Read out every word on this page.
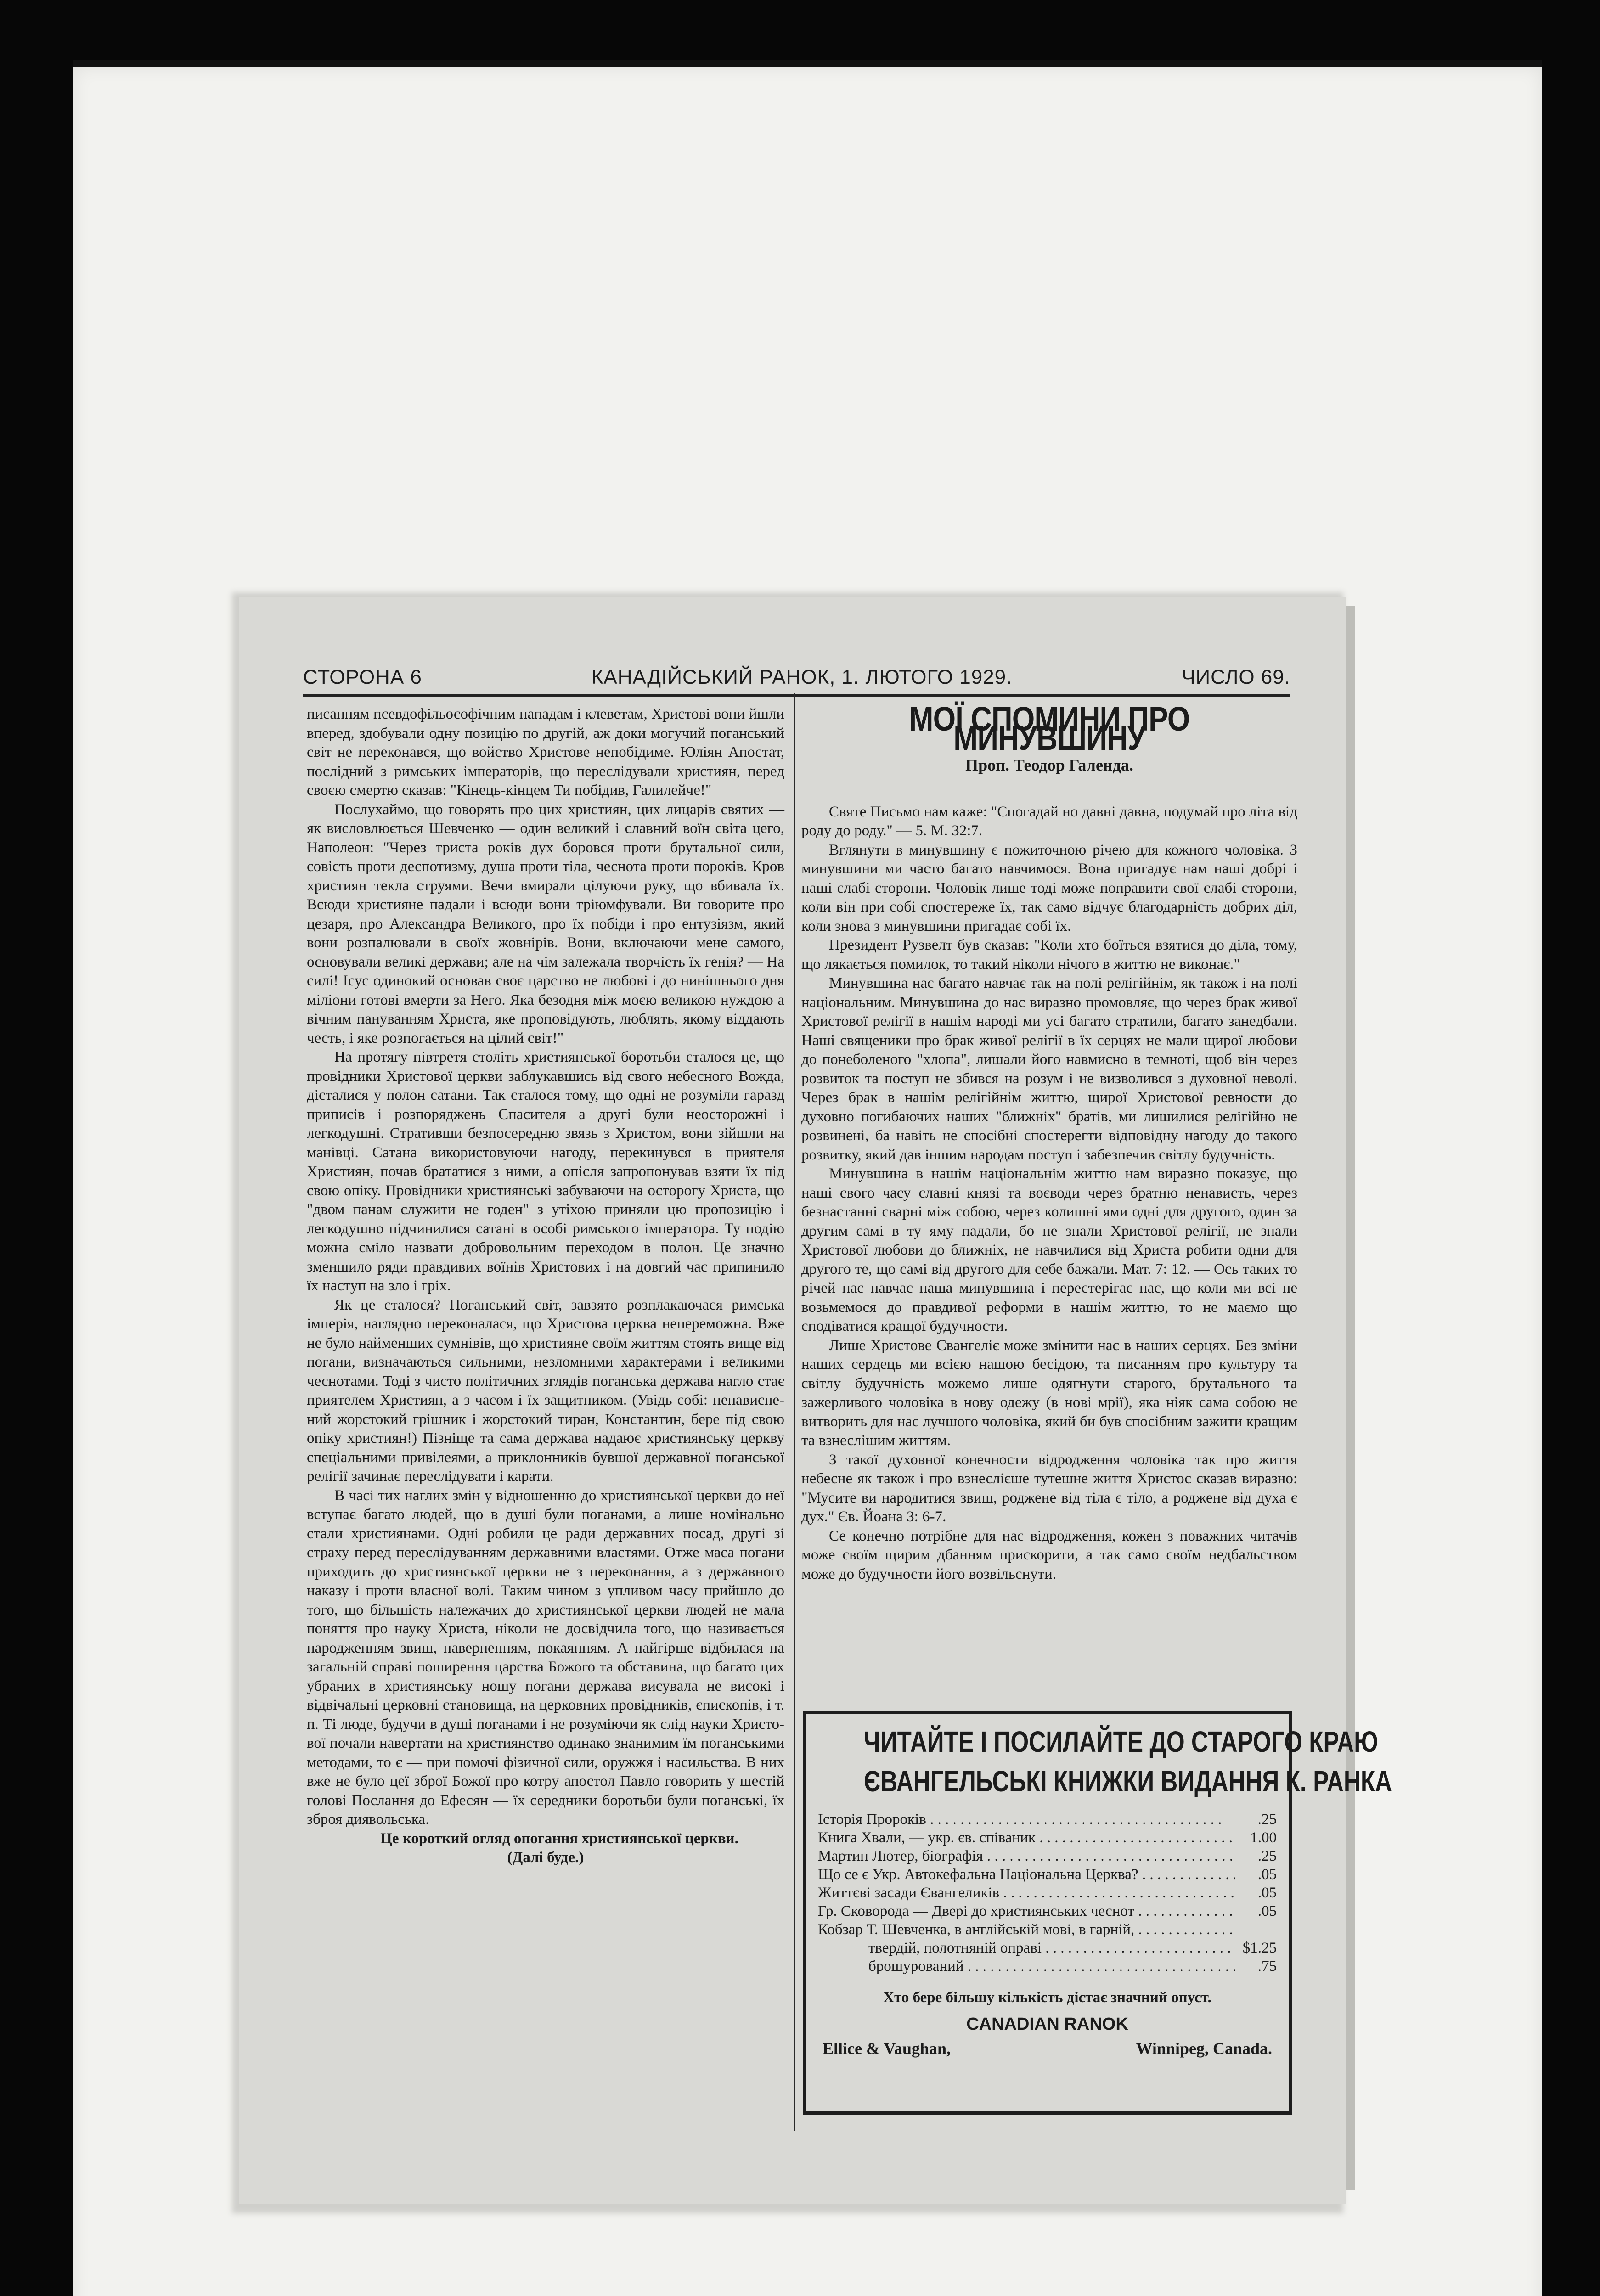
СТОРОНА 6	КАНАДІЙСЬКИЙ РАНОК, 1. ЛЮТОГО 1929.	ЧИСЛО 69.

писанням псевдофільософічним нападам і клеветам, Христові вони йшли вперед, здобували одну позицію по другій, аж доки могучий поганський світ не переконався, що войство Христове непобідиме. Юліян Апостат, послідний з римських імператорів, що переслідували християн, перед своєю смертю сказав: "Кінець-кінцем Ти побідив, Галилейче!"

Послухаймо, що говорять про цих християн, цих лицарів святих — як висловлюється Шевченко — один великий і славний воїн світа цего, Наполеон: "Через триста років дух боровся проти брутальної сили, совість проти деспотизму, душа проти тіла, чеснота проти пороків. Кров християн текла струями. Вечи вмирали цілуючи руку, що вбивала їх. Всюди християне падали і всюди вони тріюмфували. Ви говорите про цезаря, про Александра Великого, про їх побіди і про ентузіязм, який вони розпалювали в своїх жовнірів. Вони, включаючи мене самого, основували великі держави; але на чім залежала творчість їх генія? — На силі! Ісус одинокий основав своє царство не любові і до нинішнього дня міліони готові вмерти за Него. Яка безодня між моєю великою нуждою а вічним пануванням Христа, яке проповідують, люблять, якому віддають честь, і яке розпогається на цілий світ!"

На протягу півтретя століть християнської боротьби сталося це, що провідники Христової церкви заблукавшись від свого небесного Вожда, дісталися у полон сатани. Так сталося тому, що одні не розуміли гаразд приписів і розпоряджень Спасителя а другі були неосторожні і легкодушні. Стративши безпосередню звязь з Христом, вони зійшли на манівці. Сатана використовуючи нагоду, перекинувся в приятеля Християн, почав брататися з ними, а опісля запропонував взяти їх під свою опіку. Провідники християнські забуваючи на осторогу Христа, що "двом панам служити не годен" з утіхою приняли цю пропозицію і легкодушно підчинилися сатані в особі римського імператора. Ту подію можна сміло назвати добровольним переходом в полон. Це значно зменшило ряди правдивих воїнів Христових і на довгий час припинило їх наступ на зло і гріх.

Як це сталося? Поганський світ, завзято розплакаючася римська імперія, наглядно переконалася, що Христова церква непереможна. Вже не було найменших сумнівів, що християне своїм життям стоять вище від погани, визначаються сильними, незломними характерами і великими чеснотами. Тоді з чисто політичних зглядів поганська держава нагло стає приятелем Християн, а з часом і їх защитником. (Увідь собі: ненависнений жорстокий грішник і жорстокий тиран, Константин, бере під свою опіку християн!) Пізніще та сама держава надаює християнську церкву спеціальними привілеями, а приклонників бувшої державної поганської релігії зачинає переслідувати і карати.

В часі тих наглих змін у відношенню до християнської церкви до неї вступає багато людей, що в душі були поганами, а лише номінально стали християнами. Одні робили це ради державних посад, другі зі страху перед переслідуванням державними властями. Отже маса погани приходить до християнської церкви не з переконання, а з державного наказу і проти власної волі. Таким чином з упливом часу прийшло до того, що більшість належачих до християнської церкви людей не мала поняття про науку Христа, ніколи не досвідчила того, що називається народженням звиш, наверненням, покаянням. А найгірше відбилася на загальній справі поширення царства Божого та обставина, що багато цих убраних в християнську ношу погани держава висувала не високі і відвічальні церковні становища, на церковних провідників, єпископів, і т. п. Ті люде, будучи в душі поганами і не розуміючи як слід науки Христової почали навертати на християнство одинако знанимим їм поганськими методами, то є — при помочі фізичної сили, оружжя і насильства. В них вже не було цеї зброї Божої про котру апостол Павло говорить у шестій голові Послання до Ефесян — їх середники боротьби були поганські, їх зброя диявольська.

Це короткий огляд опогання християнської церкви.

(Далі буде.)

МОЇ СПОМИНИ ПРО МИНУВШИНУ
Проп. Теодор Галенда.

Святе Письмо нам каже: "Спогадай но давні давна, подумай про літа від роду до роду." — 5. М. 32:7.

Вглянути в минувшину є пожиточною річею для кожного чоловіка. З минувшини ми часто багато навчимося. Вона пригадує нам наші добрі і наші слабі сторони. Чоловік лише тоді може поправити свої слабі сторони, коли він при собі спостереже їх, так само відчує благодарність добрих діл, коли знова з минувшини пригадає собі їх.

Президент Рузвелт був сказав: "Коли хто боїться взятися до діла, тому, що лякається помилок, то такий ніколи нічого в життю не виконає."

Минувшина нас багато навчає так на полі релігійнім, як також і на полі національним. Минувшина до нас виразно промовляє, що через брак живої Христової релігії в нашім народі ми усі багато стратили, багато занедбали. Наші священики про брак живої релігії в їх серцях не мали щирої любови до понеболеного "хлопа", лишали його навмисно в темноті, щоб він через розвиток та поступ не збився на розум і не визволився з духовної неволі. Через брак в нашім релігійнім життю, щирої Христової ревности до духовно погибаючих наших "ближніх" братів, ми лишилися релігійно не розвинені, ба навіть не спосібні спостерегти відповідну нагоду до такого розвитку, який дав іншим народам поступ і забезпечив світлу будучність.

Минувшина в нашім національнім життю нам виразно показує, що наші свого часу славні князі та воєводи через братню ненависть, через безнастанні сварні між собою, через колишні ями одні для другого, один за другим самі в ту яму падали, бо не знали Христової релігії, не знали Христової любови до ближніх, не навчилися від Христа робити одни для другого те, що самі від другого для себе бажали. Мат. 7: 12. — Ось таких то річей нас навчає наша минувшина і перестерігає нас, що коли ми всі не возьмемося до правдивої реформи в нашім життю, то не маємо що сподіватися кращої будучности.

Лише Христове Євангеліє може змінити нас в наших серцях. Без зміни наших сердець ми всією нашою бесідою, та писанням про культуру та світлу будучність можемо лише одягнути старого, брутального та зажерливого чоловіка в нову одежу (в нові мрії), яка ніяк сама собою не витворить для нас лучшого чоловіка, який би був спосібним зажити кращим та взнеслішим життям.

З такої духовної конечности відродження чоловіка так про життя небесне як також і про взнеслієше тутешне життя Христос сказав виразно: "Мусите ви народитися звиш, роджене від тіла є тіло, а роджене від духа є дух." Єв. Йоана 3: 6-7.

Се конечно потрібне для нас відродження, кожен з поважних читачів може своїм щирим дбанням прискорити, а так само своїм недбальством може до будучности його возвільснути.

ЧИТАЙТЕ І ПОСИЛАЙТЕ ДО СТАРОГО КРАЮ
ЄВАНГЕЛЬСЬКІ КНИЖКИ ВИДАННЯ К. РАНКА
Історія Пророків . . .	.25
Книга Хвали, — укр. єв. співаник . . .	1.00
Мартин Лютер, біографія . . .	.25
Що се є Укр. Автокефальна Національна Церква? . . .	.05
Життєві засади Євангеликів . . .	.05
Гр. Сковорода — Двері до християнських чеснот . . .	.05
Кобзар Т. Шевченка, в англійській мові, в гарній, . . .
твердій, полотняній оправі . . .	$1.25
брошурований . . .	.75
Хто бере більшу кількість дістає значний опуст.
CANADIAN RANOK
Ellice & Vaughan,	Winnipeg, Canada.
